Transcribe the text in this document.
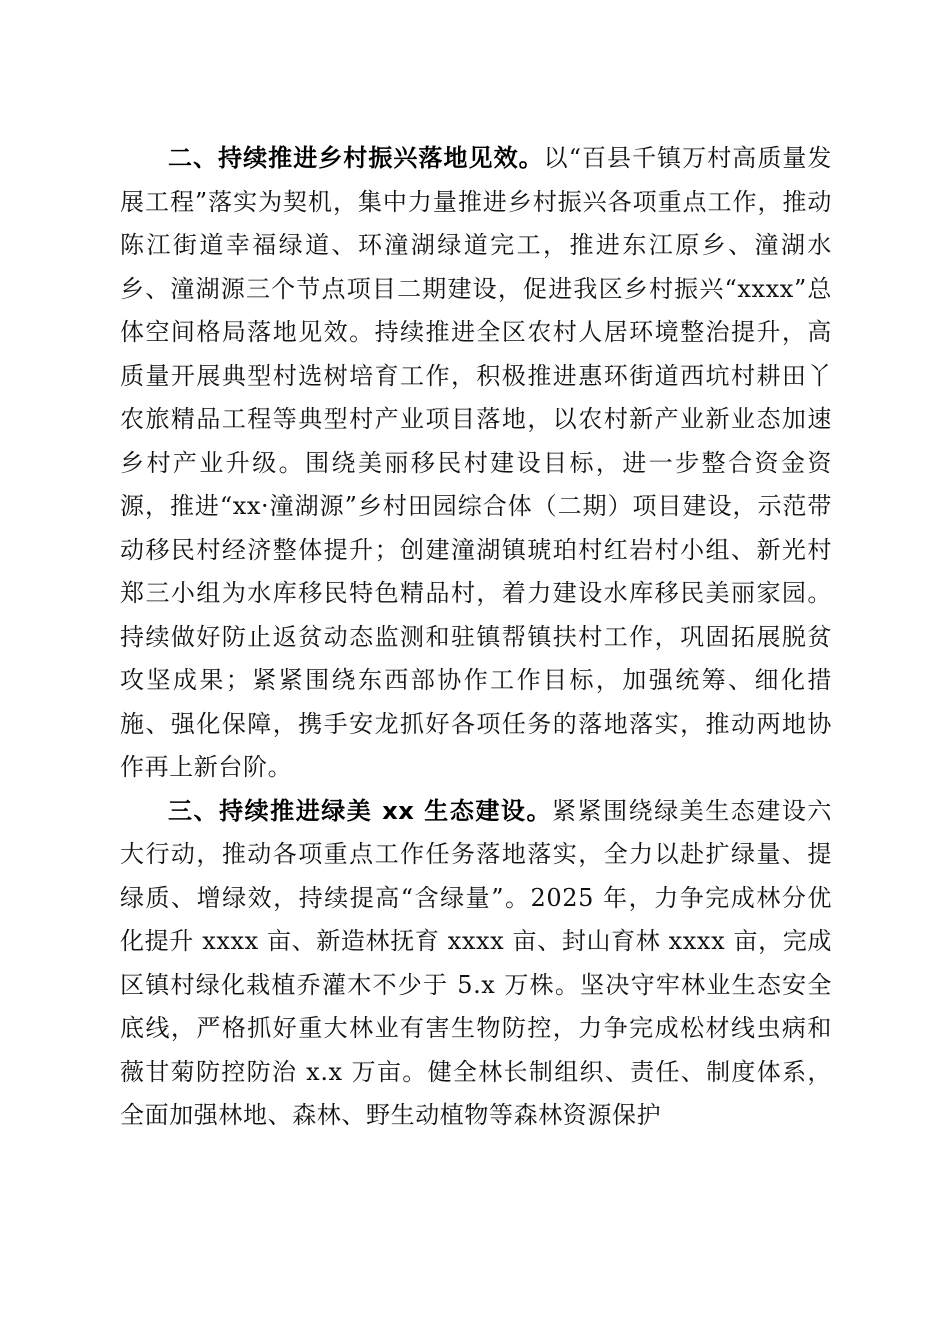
二、持续推进乡村振兴落地见效。以“百县千镇万村高质量发展工程”落实为契机，集中力量推进乡村振兴各项重点工作，推动陈江街道幸福绿道、环潼湖绿道完工，推进东江原乡、潼湖水乡、潼湖源三个节点项目二期建设，促进我区乡村振兴“xxxx”总体空间格局落地见效。持续推进全区农村人居环境整治提升，高质量开展典型村选树培育工作，积极推进惠环街道西坑村耕田丫农旅精品工程等典型村产业项目落地，以农村新产业新业态加速乡村产业升级。围绕美丽移民村建设目标，进一步整合资金资源，推进“xx·潼湖源”乡村田园综合体（二期）项目建设，示范带动移民村经济整体提升；创建潼湖镇琥珀村红岩村小组、新光村郑三小组为水库移民特色精品村，着力建设水库移民美丽家园。持续做好防止返贫动态监测和驻镇帮镇扶村工作，巩固拓展脱贫攻坚成果；紧紧围绕东西部协作工作目标，加强统筹、细化措施、强化保障，携手安龙抓好各项任务的落地落实，推动两地协作再上新台阶。

三、持续推进绿美 xx 生态建设。紧紧围绕绿美生态建设六大行动，推动各项重点工作任务落地落实，全力以赴扩绿量、提绿质、增绿效，持续提高“含绿量”。2025 年，力争完成林分优化提升 xxxx 亩、新造林抚育 xxxx 亩、封山育林 xxxx 亩，完成区镇村绿化栽植乔灌木不少于 5.x 万株。坚决守牢林业生态安全底线，严格抓好重大林业有害生物防控，力争完成松材线虫病和薇甘菊防控防治 x.x 万亩。健全林长制组织、责任、制度体系，全面加强林地、森林、野生动植物等森林资源保护
